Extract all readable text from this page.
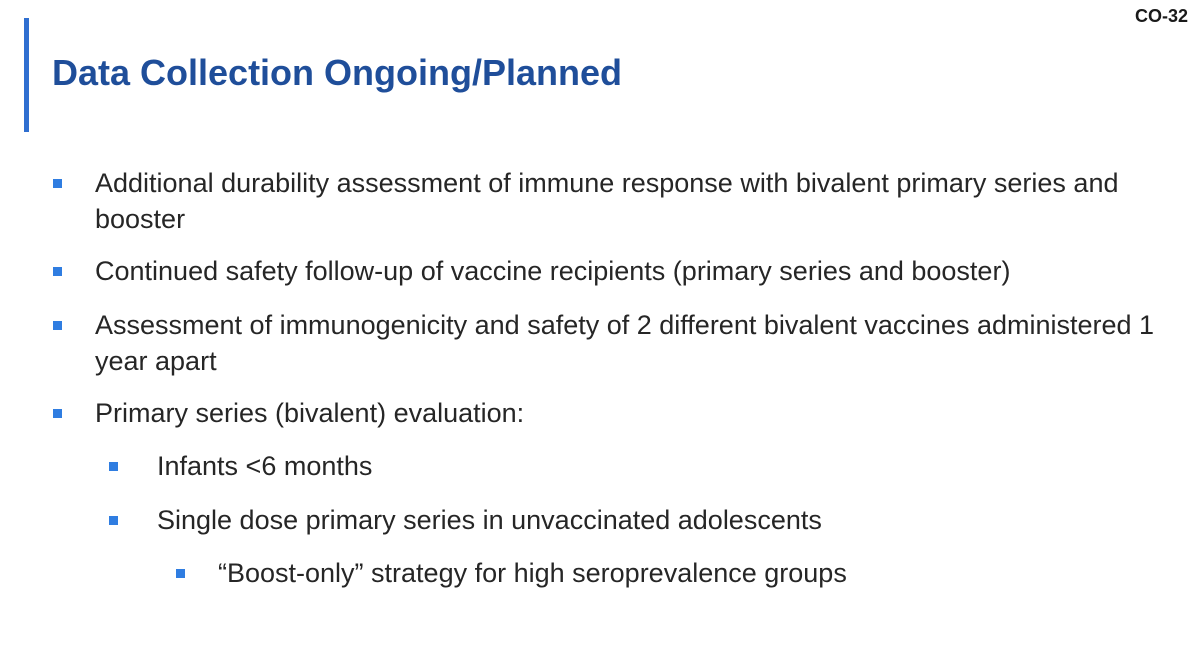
CO-32
Data Collection Ongoing/Planned
Additional durability assessment of immune response with bivalent primary series and booster
Continued safety follow-up of vaccine recipients (primary series and booster)
Assessment of immunogenicity and safety of 2 different bivalent vaccines administered 1 year apart
Primary series (bivalent) evaluation:
Infants <6 months
Single dose primary series in unvaccinated adolescents
“Boost-only” strategy for high seroprevalence groups
